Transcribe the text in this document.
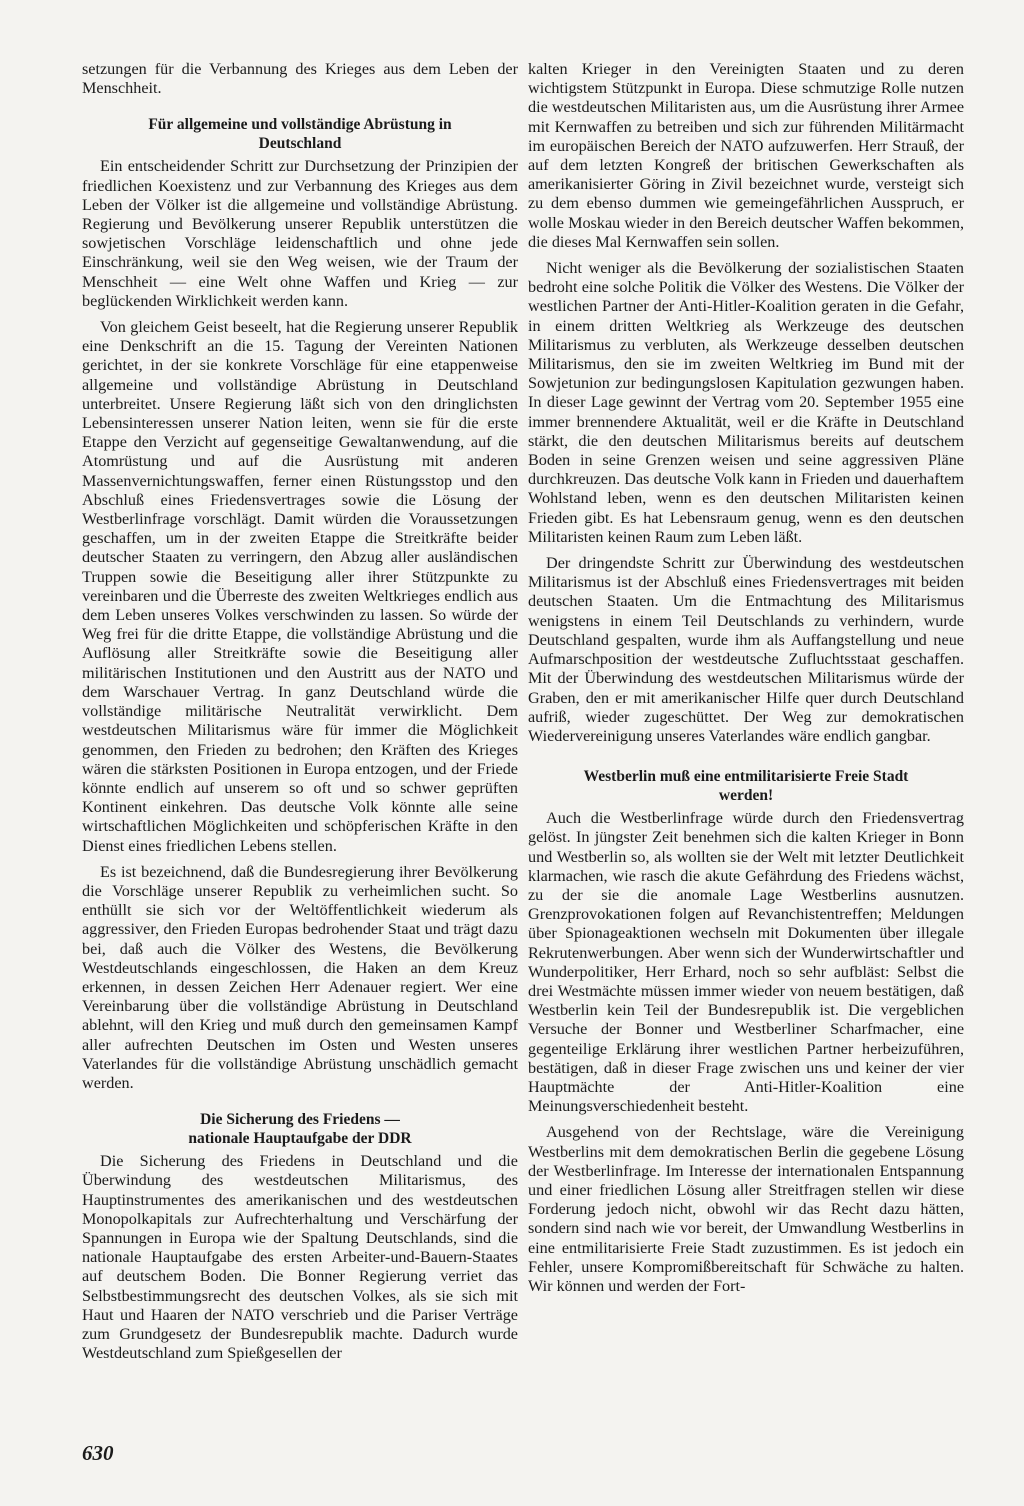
setzungen für die Verbannung des Krieges aus dem Leben der Menschheit.

Für allgemeine und vollständige Abrüstung in Deutschland

Ein entscheidender Schritt zur Durchsetzung der Prinzipien der friedlichen Koexistenz und zur Verbannung des Krieges aus dem Leben der Völker ist die allgemeine und vollständige Abrüstung. Regierung und Bevölkerung unserer Republik unterstützen die sowjetischen Vorschläge leidenschaftlich und ohne jede Einschränkung, weil sie den Weg weisen, wie der Traum der Menschheit — eine Welt ohne Waffen und Krieg — zur beglückenden Wirklichkeit werden kann.

Von gleichem Geist beseelt, hat die Regierung unserer Republik eine Denkschrift an die 15. Tagung der Vereinten Nationen gerichtet, in der sie konkrete Vorschläge für eine etappenweise allgemeine und vollständige Abrüstung in Deutschland unterbreitet. Unsere Regierung läßt sich von den dringlichsten Lebensinteressen unserer Nation leiten, wenn sie für die erste Etappe den Verzicht auf gegenseitige Gewaltanwendung, auf die Atomrüstung und auf die Ausrüstung mit anderen Massenvernichtungswaffen, ferner einen Rüstungsstop und den Abschluß eines Friedensvertrages sowie die Lösung der Westberlinfrage vorschlägt. Damit würden die Voraussetzungen geschaffen, um in der zweiten Etappe die Streitkräfte beider deutscher Staaten zu verringern, den Abzug aller ausländischen Truppen sowie die Beseitigung aller ihrer Stützpunkte zu vereinbaren und die Überreste des zweiten Weltkrieges endlich aus dem Leben unseres Volkes verschwinden zu lassen. So würde der Weg frei für die dritte Etappe, die vollständige Abrüstung und die Auflösung aller Streitkräfte sowie die Beseitigung aller militärischen Institutionen und den Austritt aus der NATO und dem Warschauer Vertrag. In ganz Deutschland würde die vollständige militärische Neutralität verwirklicht. Dem westdeutschen Militarismus wäre für immer die Möglichkeit genommen, den Frieden zu bedrohen; den Kräften des Krieges wären die stärksten Positionen in Europa entzogen, und der Friede könnte endlich auf unserem so oft und so schwer geprüften Kontinent einkehren. Das deutsche Volk könnte alle seine wirtschaftlichen Möglichkeiten und schöpferischen Kräfte in den Dienst eines friedlichen Lebens stellen.

Es ist bezeichnend, daß die Bundesregierung ihrer Bevölkerung die Vorschläge unserer Republik zu verheimlichen sucht. So enthüllt sie sich vor der Weltöffentlichkeit wiederum als aggressiver, den Frieden Europas bedrohender Staat und trägt dazu bei, daß auch die Völker des Westens, die Bevölkerung Westdeutschlands eingeschlossen, die Haken an dem Kreuz erkennen, in dessen Zeichen Herr Adenauer regiert. Wer eine Vereinbarung über die vollständige Abrüstung in Deutschland ablehnt, will den Krieg und muß durch den gemeinsamen Kampf aller aufrechten Deutschen im Osten und Westen unseres Vaterlandes für die vollständige Abrüstung unschädlich gemacht werden.

Die Sicherung des Friedens —
nationale Hauptaufgabe der DDR

Die Sicherung des Friedens in Deutschland und die Überwindung des westdeutschen Militarismus, des Hauptinstrumentes des amerikanischen und des westdeutschen Monopolkapitals zur Aufrechterhaltung und Verschärfung der Spannungen in Europa wie der Spaltung Deutschlands, sind die nationale Hauptaufgabe des ersten Arbeiter-und-Bauern-Staates auf deutschem Boden. Die Bonner Regierung verriet das Selbstbestimmungsrecht des deutschen Volkes, als sie sich mit Haut und Haaren der NATO verschrieb und die Pariser Verträge zum Grundgesetz der Bundesrepublik machte. Dadurch wurde Westdeutschland zum Spießgesellen der

kalten Krieger in den Vereinigten Staaten und zu deren wichtigstem Stützpunkt in Europa. Diese schmutzige Rolle nutzen die westdeutschen Militaristen aus, um die Ausrüstung ihrer Armee mit Kernwaffen zu betreiben und sich zur führenden Militärmacht im europäischen Bereich der NATO aufzuwerfen. Herr Strauß, der auf dem letzten Kongreß der britischen Gewerkschaften als amerikanisierter Göring in Zivil bezeichnet wurde, versteigt sich zu dem ebenso dummen wie gemeingefährlichen Ausspruch, er wolle Moskau wieder in den Bereich deutscher Waffen bekommen, die dieses Mal Kernwaffen sein sollen.

Nicht weniger als die Bevölkerung der sozialistischen Staaten bedroht eine solche Politik die Völker des Westens. Die Völker der westlichen Partner der Anti-Hitler-Koalition geraten in die Gefahr, in einem dritten Weltkrieg als Werkzeuge des deutschen Militarismus zu verbluten, als Werkzeuge desselben deutschen Militarismus, den sie im zweiten Weltkrieg im Bund mit der Sowjetunion zur bedingungslosen Kapitulation gezwungen haben. In dieser Lage gewinnt der Vertrag vom 20. September 1955 eine immer brennendere Aktualität, weil er die Kräfte in Deutschland stärkt, die den deutschen Militarismus bereits auf deutschem Boden in seine Grenzen weisen und seine aggressiven Pläne durchkreuzen. Das deutsche Volk kann in Frieden und dauerhaftem Wohlstand leben, wenn es den deutschen Militaristen keinen Frieden gibt. Es hat Lebensraum genug, wenn es den deutschen Militaristen keinen Raum zum Leben läßt.

Der dringendste Schritt zur Überwindung des westdeutschen Militarismus ist der Abschluß eines Friedensvertrages mit beiden deutschen Staaten. Um die Entmachtung des Militarismus wenigstens in einem Teil Deutschlands zu verhindern, wurde Deutschland gespalten, wurde ihm als Auffangstellung und neue Aufmarschposition der westdeutsche Zufluchtsstaat geschaffen. Mit der Überwindung des westdeutschen Militarismus würde der Graben, den er mit amerikanischer Hilfe quer durch Deutschland aufriß, wieder zugeschüttet. Der Weg zur demokratischen Wiedervereinigung unseres Vaterlandes wäre endlich gangbar.

Westberlin muß eine entmilitarisierte Freie Stadt werden!

Auch die Westberlinfrage würde durch den Friedensvertrag gelöst. In jüngster Zeit benehmen sich die kalten Krieger in Bonn und Westberlin so, als wollten sie der Welt mit letzter Deutlichkeit klarmachen, wie rasch die akute Gefährdung des Friedens wächst, zu der sie die anomale Lage Westberlins ausnutzen. Grenzprovokationen folgen auf Revanchistentreffen; Meldungen über Spionageaktionen wechseln mit Dokumenten über illegale Rekrutenwerbungen. Aber wenn sich der Wunderwirtschaftler und Wunderpolitiker, Herr Erhard, noch so sehr aufbläst: Selbst die drei Westmächte müssen immer wieder von neuem bestätigen, daß Westberlin kein Teil der Bundesrepublik ist. Die vergeblichen Versuche der Bonner und Westberliner Scharfmacher, eine gegenteilige Erklärung ihrer westlichen Partner herbeizuführen, bestätigen, daß in dieser Frage zwischen uns und keiner der vier Hauptmächte der Anti-Hitler-Koalition eine Meinungsverschiedenheit besteht.

Ausgehend von der Rechtslage, wäre die Vereinigung Westberlins mit dem demokratischen Berlin die gegebene Lösung der Westberlinfrage. Im Interesse der internationalen Entspannung und einer friedlichen Lösung aller Streitfragen stellen wir diese Forderung jedoch nicht, obwohl wir das Recht dazu hätten, sondern sind nach wie vor bereit, der Umwandlung Westberlins in eine entmilitarisierte Freie Stadt zuzustimmen. Es ist jedoch ein Fehler, unsere Kompromißbereitschaft für Schwäche zu halten. Wir können und werden der Fort-

630
